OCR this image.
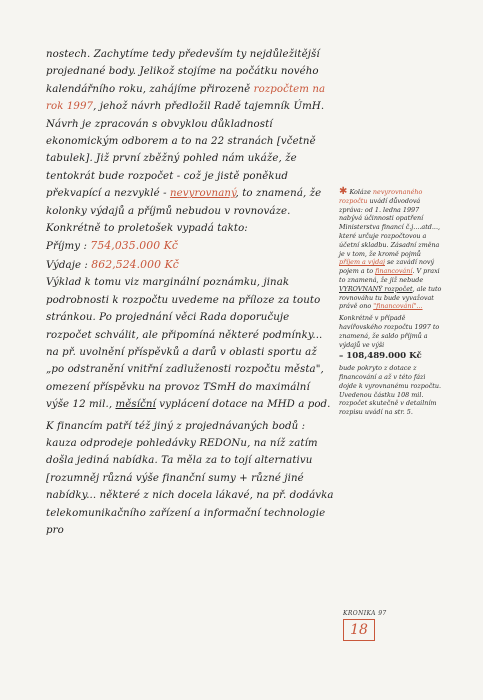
nostech. Zachytíme tedy především ty nejdůležitější projednané body. Jelikož stojíme na počátku nového kalendářního roku, zahájíme přirozeně rozpočtem na rok 1997, jehož návrh předložil Radě tajemník ÚmH. Návrh je zpracován s obvyklou důkladností ekonomickým odborem a to na 22 stranách [včetně tabulek]. Již první zběžný pohled nám ukáže, že tentokrát bude rozpočet - což je jistě poněkud překvapící a nezvyklé - nevyrovnaný, to znamená, že kolonky výdajů a příjmů nebudou v rovnováze. Konkrétně to proletošek vypadá takto:

Příjmy : 754,035.000 Kč
Výdaje : 862,524.000 Kč

Výklad k tomu viz marginální poznámku, jinak podrobnosti k rozpočtu uvedeme na příloze za touto stránkou. Po projednání věci Rada doporučuje rozpočet schválit, ale připomíná některé podmínky... na př. uvolnění příspěvků a darů v oblasti sportu až „po odstranění vnitřní zadluženosti rozpočtu města", omezení příspěvku na provoz TSmH do maximální výše 12 mil., měsíční vyplácení dotace na MHD a pod.

K financím patří též jiný z projednávaných bodů : kauza odprodeje pohledávky REDONu, na níž zatím došla jediná nabídka. Ta měla za to tojí alternativu [rozumněj různá výše finanční sumy + různé jiné nabídky... některé z nich docela lákavé, na př. dodávka telekomunikačního zařízení a informační technologie pro

✱ Koláze nevyrovnaného rozpočtu uvádí důvodová zpráva: od 1. ledna 1997 nabývá účinnosti opatření Ministerstva financí č.j....atd..., které určuje rozpočtovou a účetní skladbu. Zásadní změna je v tom, že kromě pojmů příjem a výdaj se zavádí nový pojem a to financování. V praxi to znamená, že již nebude VYROVNANÝ rozpočet, ale tuto rovnováhu tu bude vyvažovat právě ono "financování"...

Konkrétně v případě havířovského rozpočtu 1997 to znamená, že saldo příjmů a výdajů ve výši

– 108,489.000 Kč

bude pokryto z dotace z financování a až v této fázi dojde k vyrovnanému rozpočtu. Uvedenou částku 108 mil. rozpočet skutečně v detailním rozpisu uvádí na str. 5.

KRONIKA 97
18
